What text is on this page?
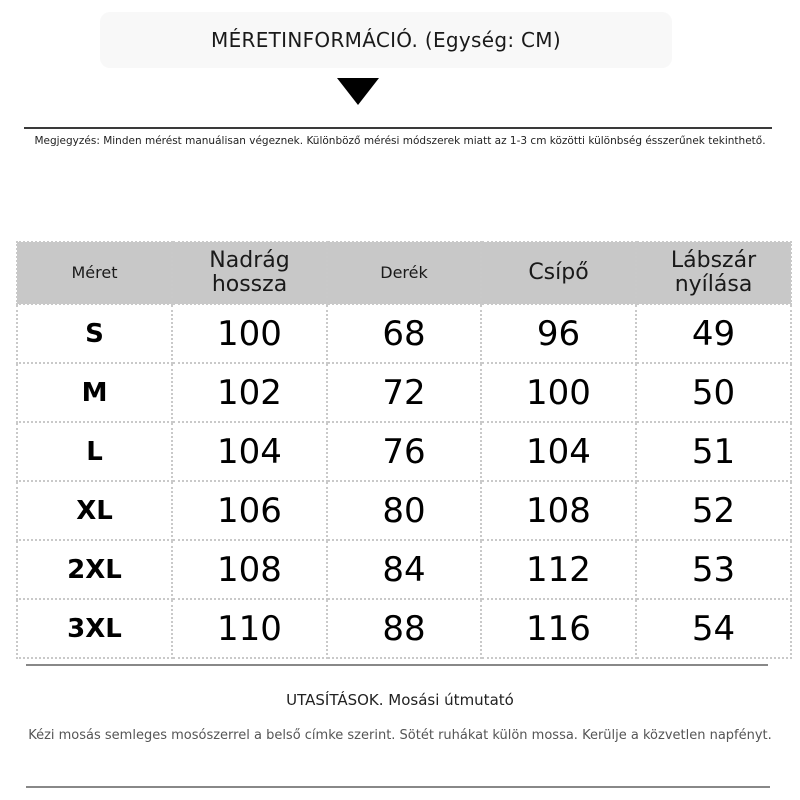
MÉRETINFORMÁCIÓ. (Egység: CM)
Megjegyzés: Minden mérést manuálisan végeznek. Különböző mérési módszerek miatt az 1-3 cm közötti különbség ésszerűnek tekinthető.
Méret	Nadrág hossza	Derék	Csípő	Lábszár nyílása
S	100	68	96	49
M	102	72	100	50
L	104	76	104	51
XL	106	80	108	52
2XL	108	84	112	53
3XL	110	88	116	54
UTASÍTÁSOK. Mosási útmutató
Kézi mosás semleges mosószerrel a belső címke szerint. Sötét ruhákat külön mossa. Kerülje a közvetlen napfényt.
